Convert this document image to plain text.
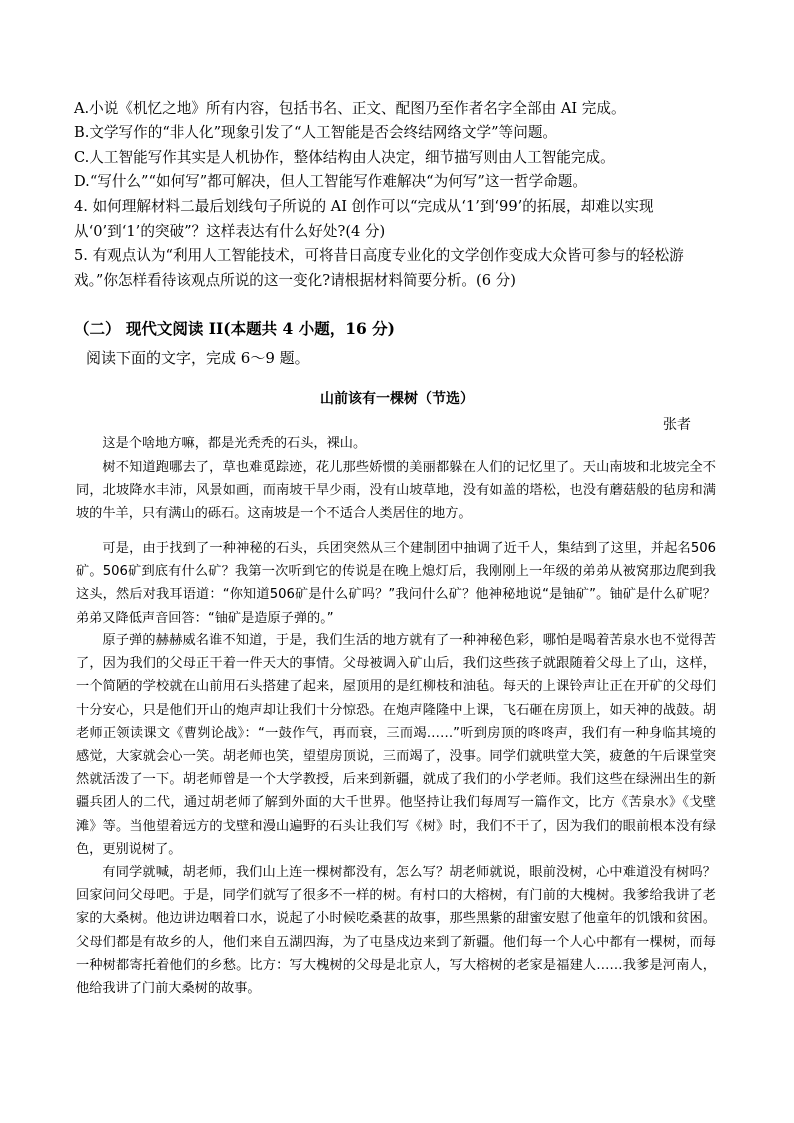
A.小说《机忆之地》所有内容，包括书名、正文、配图乃至作者名字全部由 AI 完成。

B.文学写作的“非人化”现象引发了“人工智能是否会终结网络文学”等问题。

C.人工智能写作其实是人机协作，整体结构由人决定，细节描写则由人工智能完成。

D.“写什么”“如何写”都可解决，但人工智能写作难解决“为何写”这一哲学命题。

4. 如何理解材料二最后划线句子所说的 AI 创作可以“完成从‘1’到‘99’的拓展，却难以实现从‘0’到‘1’的突破”？这样表达有什么好处?(4 分)

5. 有观点认为“利用人工智能技术，可将昔日高度专业化的文学创作变成大众皆可参与的轻松游戏。”你怎样看待该观点所说的这一变化?请根据材料简要分析。(6 分)

（二） 现代文阅读 II(本题共 4 小题，16 分)

阅读下面的文字，完成 6～9 题。

山前该有一棵树（节选）

张者

这是个啥地方嘛，都是光秃秃的石头，裸山。

树不知道跑哪去了，草也难觅踪迹，花儿那些娇惯的美丽都躲在人们的记忆里了。天山南坡和北坡完全不同，北坡降水丰沛，风景如画，而南坡干旱少雨，没有山坡草地，没有如盖的塔松，也没有蘑菇般的毡房和满坡的牛羊，只有满山的砾石。这南坡是一个不适合人类居住的地方。

可是，由于找到了一种神秘的石头，兵团突然从三个建制团中抽调了近千人，集结到了这里，并起名506矿。506矿到底有什么矿？我第一次听到它的传说是在晚上熄灯后，我刚刚上一年级的弟弟从被窝那边爬到我这头，然后对我耳语道：“你知道506矿是什么矿吗？”我问什么矿？他神秘地说“是铀矿”。铀矿是什么矿呢？弟弟又降低声音回答：“铀矿是造原子弹的。”

原子弹的赫赫威名谁不知道，于是，我们生活的地方就有了一种神秘色彩，哪怕是喝着苦泉水也不觉得苦了，因为我们的父母正干着一件天大的事情。父母被调入矿山后，我们这些孩子就跟随着父母上了山，这样，一个简陋的学校就在山前用石头搭建了起来，屋顶用的是红柳枝和油毡。每天的上课铃声让正在开矿的父母们十分安心，只是他们开山的炮声却让我们十分惊恐。在炮声隆隆中上课，飞石砸在房顶上，如天神的战鼓。胡老师正领读课文《曹刿论战》：“一鼓作气，再而衰，三而竭……”听到房顶的咚咚声，我们有一种身临其境的感觉，大家就会心一笑。胡老师也笑，望望房顶说，三而竭了，没事。同学们就哄堂大笑，疲惫的午后课堂突然就活泼了一下。胡老师曾是一个大学教授，后来到新疆，就成了我们的小学老师。我们这些在绿洲出生的新疆兵团人的二代，通过胡老师了解到外面的大千世界。他坚持让我们每周写一篇作文，比方《苦泉水》《戈壁滩》等。当他望着远方的戈壁和漫山遍野的石头让我们写《树》时，我们不干了，因为我们的眼前根本没有绿色，更别说树了。

有同学就喊，胡老师，我们山上连一棵树都没有，怎么写？胡老师就说，眼前没树，心中难道没有树吗？回家问问父母吧。于是，同学们就写了很多不一样的树。有村口的大榕树，有门前的大槐树。我爹给我讲了老家的大桑树。他边讲边咽着口水，说起了小时候吃桑葚的故事，那些黑紫的甜蜜安慰了他童年的饥饿和贫困。父母们都是有故乡的人，他们来自五湖四海，为了屯垦戍边来到了新疆。他们每一个人心中都有一棵树，而每一种树都寄托着他们的乡愁。比方：写大槐树的父母是北京人，写大榕树的老家是福建人……我爹是河南人，他给我讲了门前大桑树的故事。
